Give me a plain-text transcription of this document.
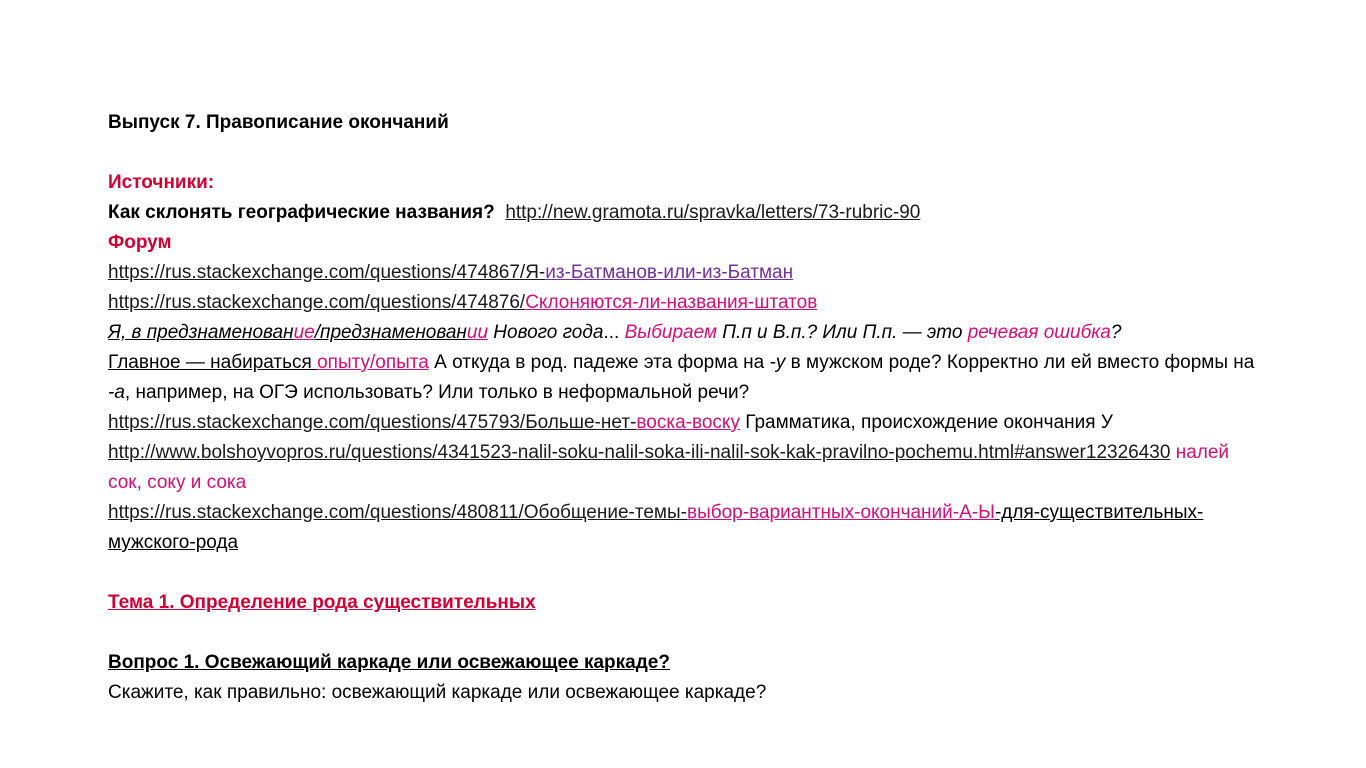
Выпуск 7. Правописание окончаний
Источники:
Как склонять географические названия? http://new.gramota.ru/spravka/letters/73-rubric-90
Форум
https://rus.stackexchange.com/questions/474867/Я-из-Батманов-или-из-Батман
https://rus.stackexchange.com/questions/474876/Склоняются-ли-названия-штатов
Я, в предзнаменование/предзнаменовании Нового года... Выбираем П.п и В.п.? Или П.п. — это речевая ошибка?
Главное — набираться опыту/опыта А откуда в род. падеже эта форма на -у в мужском роде? Корректно ли ей вместо формы на -а, например, на ОГЭ использовать? Или только в неформальной речи?
https://rus.stackexchange.com/questions/475793/Больше-нет-воска-воску Грамматика, происхождение окончания У
http://www.bolshoyvopros.ru/questions/4341523-nalil-soku-nalil-soka-ili-nalil-sok-kak-pravilno-pochemu.html#answer12326430 налей сок, соку и сока
https://rus.stackexchange.com/questions/480811/Обобщение-темы-выбор-вариантных-окончаний-А-Ы-для-существительных-мужского-рода
Тема 1. Определение рода существительных
Вопрос 1. Освежающий каркаде или освежающее каркаде?
Скажите, как правильно: освежающий каркаде или освежающее каркаде?
